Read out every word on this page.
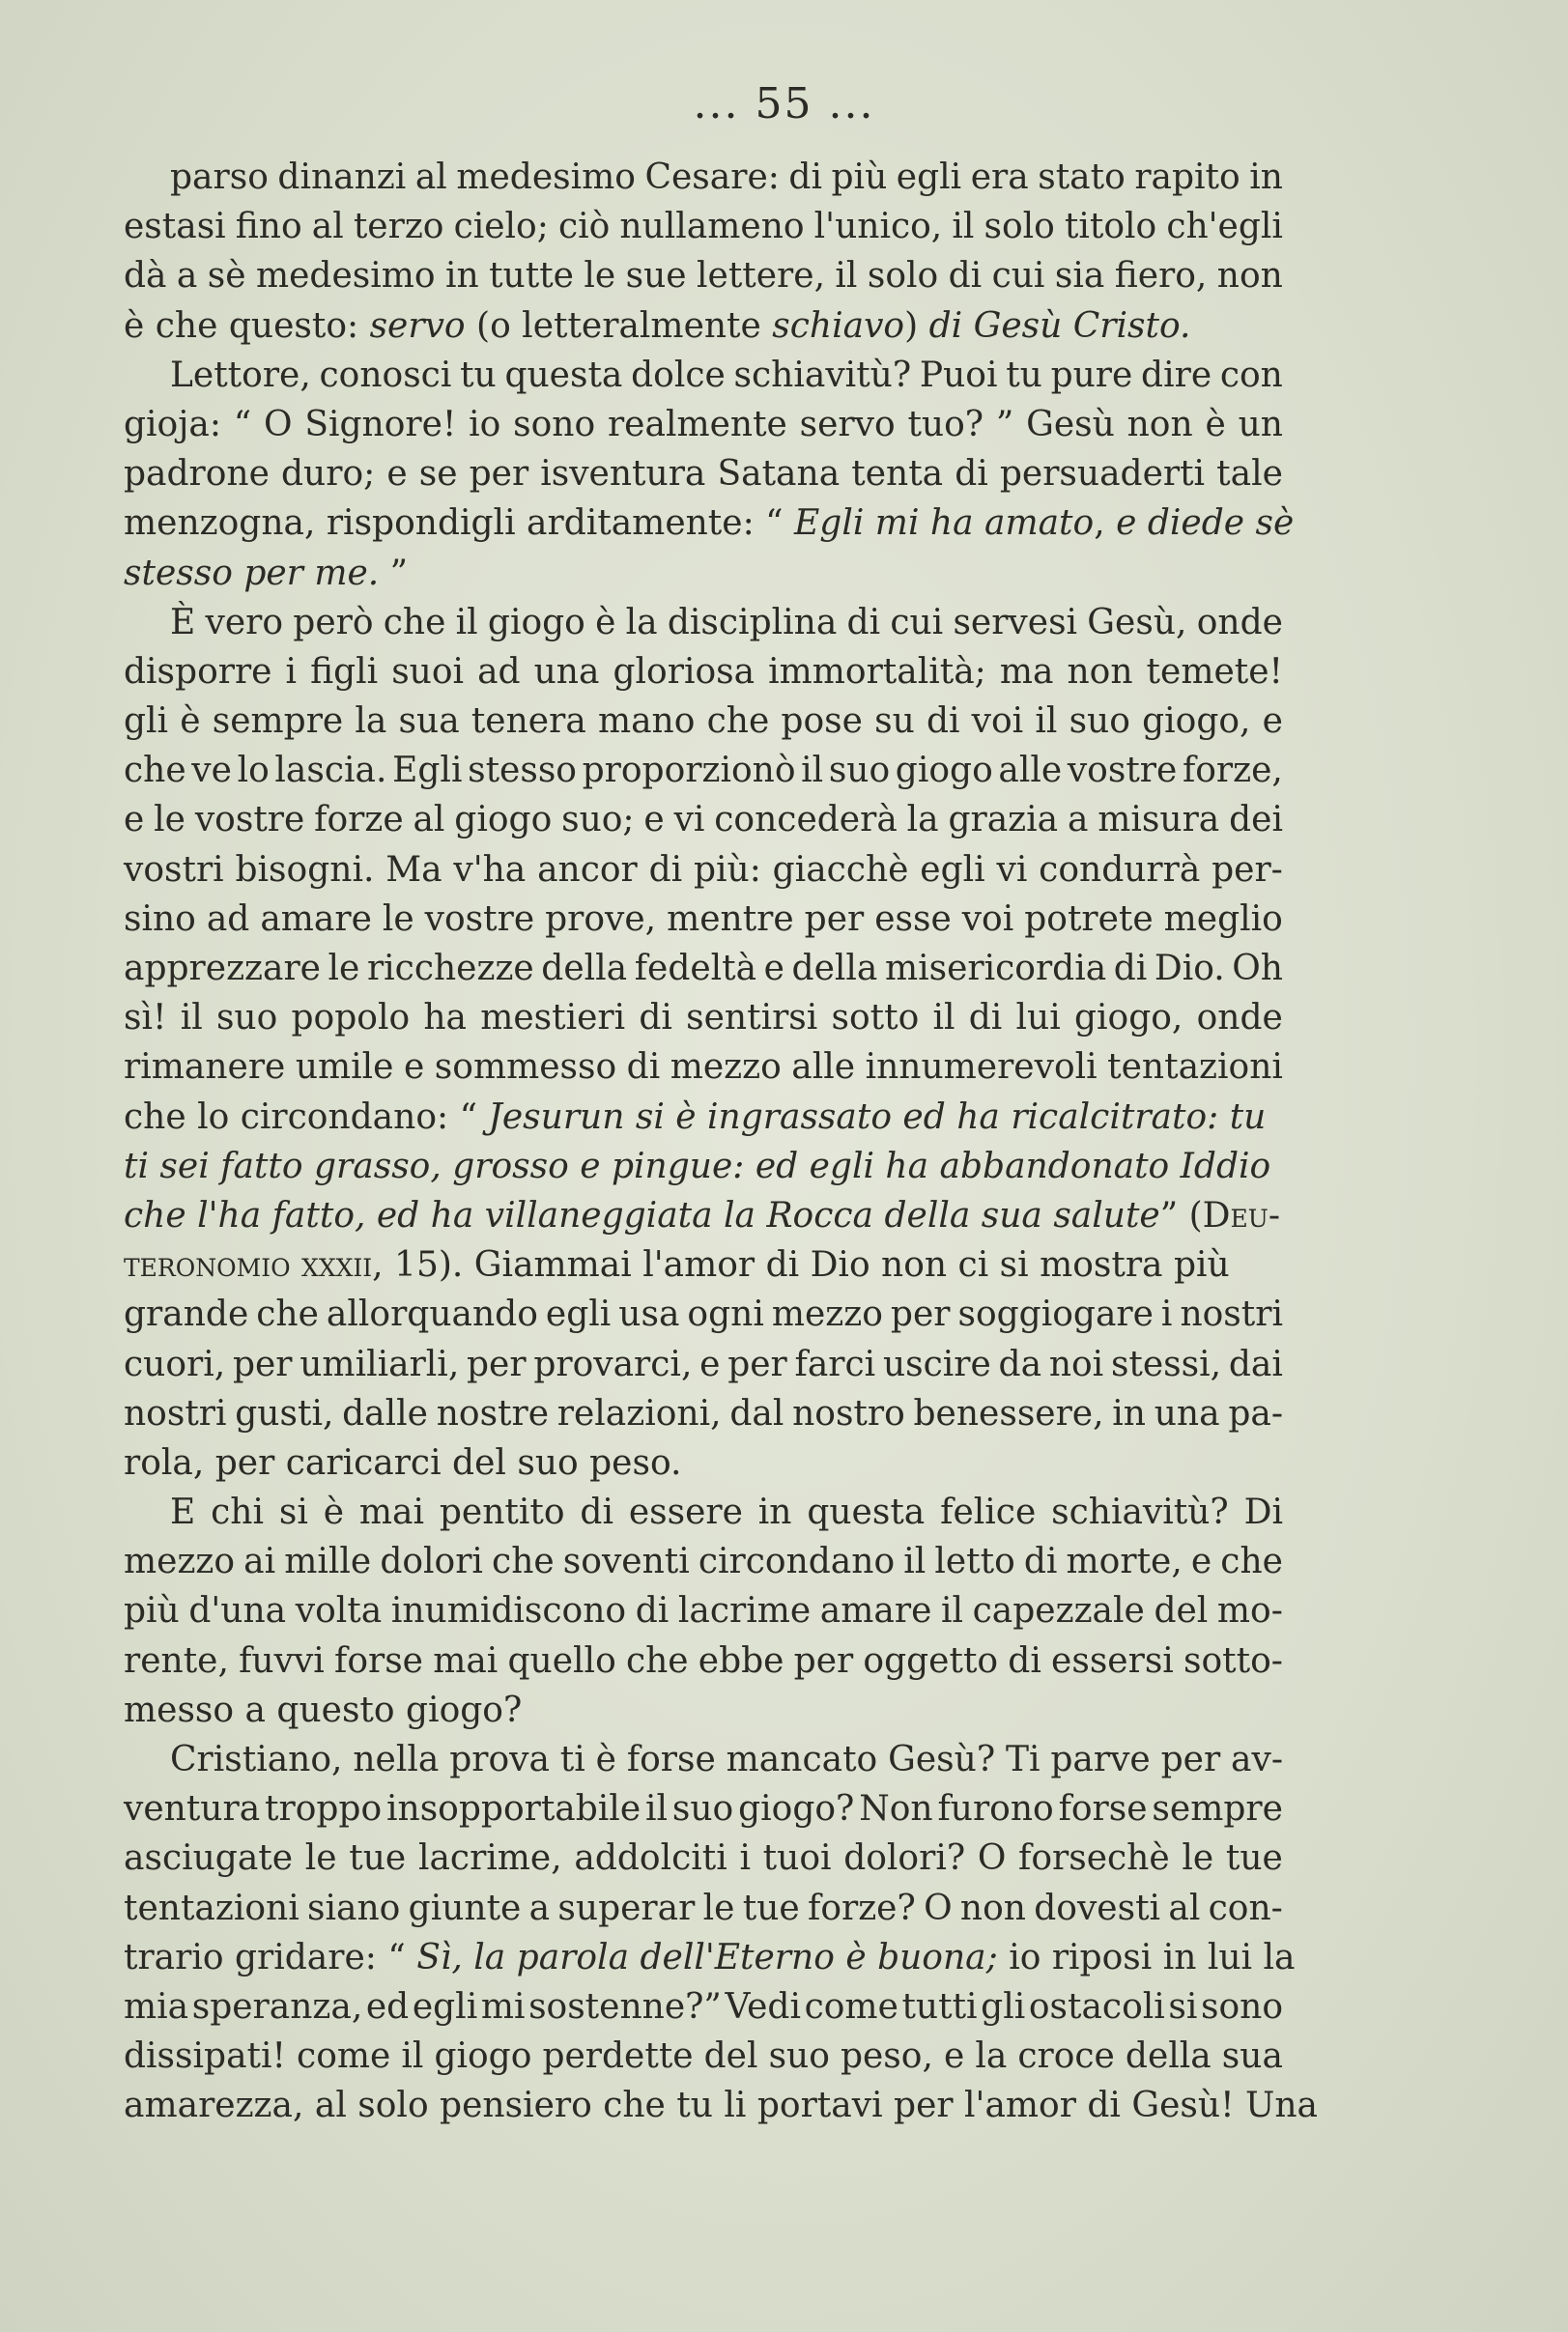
... 55 ...
parso dinanzi al medesimo Cesare: di più egli era stato rapito in
estasi fino al terzo cielo; ciò nullameno l'unico, il solo titolo ch'egli
dà a sè medesimo in tutte le sue lettere, il solo di cui sia fiero, non
è che questo: servo (o letteralmente schiavo) di Gesù Cristo.
Lettore, conosci tu questa dolce schiavitù? Puoi tu pure dire con
gioja: “ O Signore! io sono realmente servo tuo? ” Gesù non è un
padrone duro; e se per isventura Satana tenta di persuaderti tale
menzogna, rispondigli arditamente: “ Egli mi ha amato, e diede sè
stesso per me. ”
È vero però che il giogo è la disciplina di cui servesi Gesù, onde
disporre i figli suoi ad una gloriosa immortalità; ma non temete!
gli è sempre la sua tenera mano che pose su di voi il suo giogo, e
che ve lo lascia. Egli stesso proporzionò il suo giogo alle vostre forze,
e le vostre forze al giogo suo; e vi concederà la grazia a misura dei
vostri bisogni. Ma v'ha ancor di più: giacchè egli vi condurrà per-
sino ad amare le vostre prove, mentre per esse voi potrete meglio
apprezzare le ricchezze della fedeltà e della misericordia di Dio. Oh
sì! il suo popolo ha mestieri di sentirsi sotto il di lui giogo, onde
rimanere umile e sommesso di mezzo alle innumerevoli tentazioni
che lo circondano: “ Jesurun si è ingrassato ed ha ricalcitrato: tu
ti sei fatto grasso, grosso e pingue: ed egli ha abbandonato Iddio
che l'ha fatto, ed ha villaneggiata la Rocca della sua salute” (Deu-
teronomio xxxii, 15). Giammai l'amor di Dio non ci si mostra più
grande che allorquando egli usa ogni mezzo per soggiogare i nostri
cuori, per umiliarli, per provarci, e per farci uscire da noi stessi, dai
nostri gusti, dalle nostre relazioni, dal nostro benessere, in una pa-
rola, per caricarci del suo peso.
E chi si è mai pentito di essere in questa felice schiavitù? Di
mezzo ai mille dolori che soventi circondano il letto di morte, e che
più d'una volta inumidiscono di lacrime amare il capezzale del mo-
rente, fuvvi forse mai quello che ebbe per oggetto di essersi sotto-
messo a questo giogo?
Cristiano, nella prova ti è forse mancato Gesù? Ti parve per av-
ventura troppo insopportabile il suo giogo? Non furono forse sempre
asciugate le tue lacrime, addolciti i tuoi dolori? O forsechè le tue
tentazioni siano giunte a superar le tue forze? O non dovesti al con-
trario gridare: “ Sì, la parola dell'Eterno è buona; io riposi in lui la
mia speranza, ed egli mi sostenne?” Vedi come tutti gli ostacoli si sono
dissipati! come il giogo perdette del suo peso, e la croce della sua
amarezza, al solo pensiero che tu li portavi per l'amor di Gesù! Una
